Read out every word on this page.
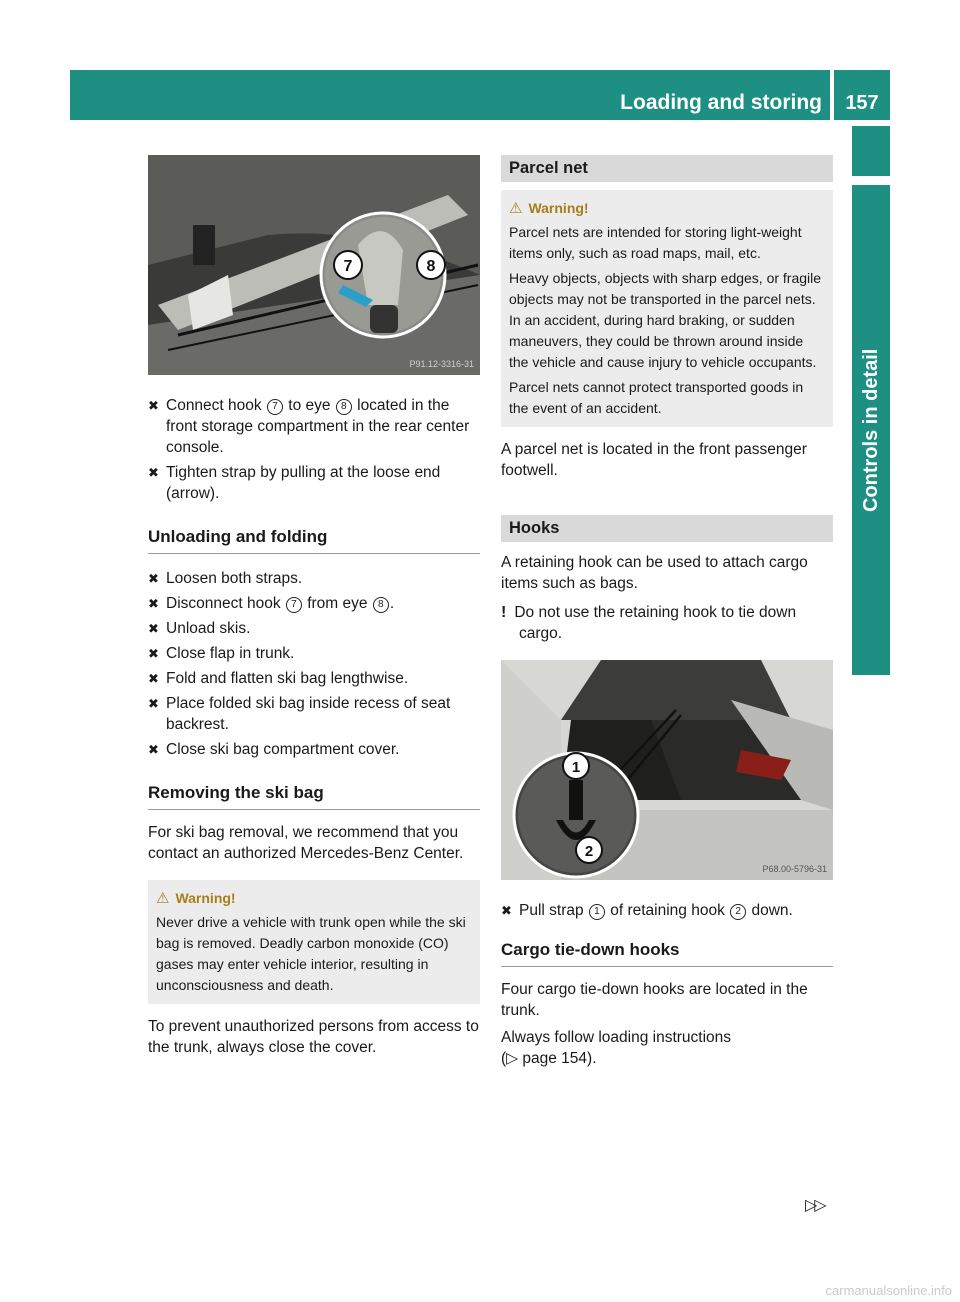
Loading and storing	157
Controls in detail
7	8
P91.12-3316-31
✖ Connect hook 7 to eye 8 located in the front storage compartment in the rear center console.
✖ Tighten strap by pulling at the loose end (arrow).
Unloading and folding
✖ Loosen both straps.
✖ Disconnect hook 7 from eye 8 .
✖ Unload skis.
✖ Close flap in trunk.
✖ Fold and flatten ski bag lengthwise.
✖ Place folded ski bag inside recess of seat backrest.
✖ Close ski bag compartment cover.
Removing the ski bag

For ski bag removal, we recommend that you contact an authorized Mercedes-Benz Center.

⚠ Warning!

Never drive a vehicle with trunk open while the ski bag is removed. Deadly carbon monoxide (CO) gases may enter vehicle interior, resulting in unconsciousness and death.

To prevent unauthorized persons from access to the trunk, always close the cover.

Parcel net
⚠ Warning!

Parcel nets are intended for storing light-weight items only, such as road maps, mail, etc.

Heavy objects, objects with sharp edges, or fragile objects may not be transported in the parcel nets. In an accident, during hard braking, or sudden maneuvers, they could be thrown around inside the vehicle and cause injury to vehicle occupants.

Parcel nets cannot protect transported goods in the event of an accident.

A parcel net is located in the front passenger footwell.

Hooks

A retaining hook can be used to attach cargo items such as bags.

! Do not use the retaining hook to tie down cargo.

1
2
P68.00-5796-31
✖ Pull strap 1 of retaining hook 2 down.
Cargo tie-down hooks

Four cargo tie-down hooks are located in the trunk.

Always follow loading instructions
(▷ page 154).

▷▷
carmanualsonline.info
